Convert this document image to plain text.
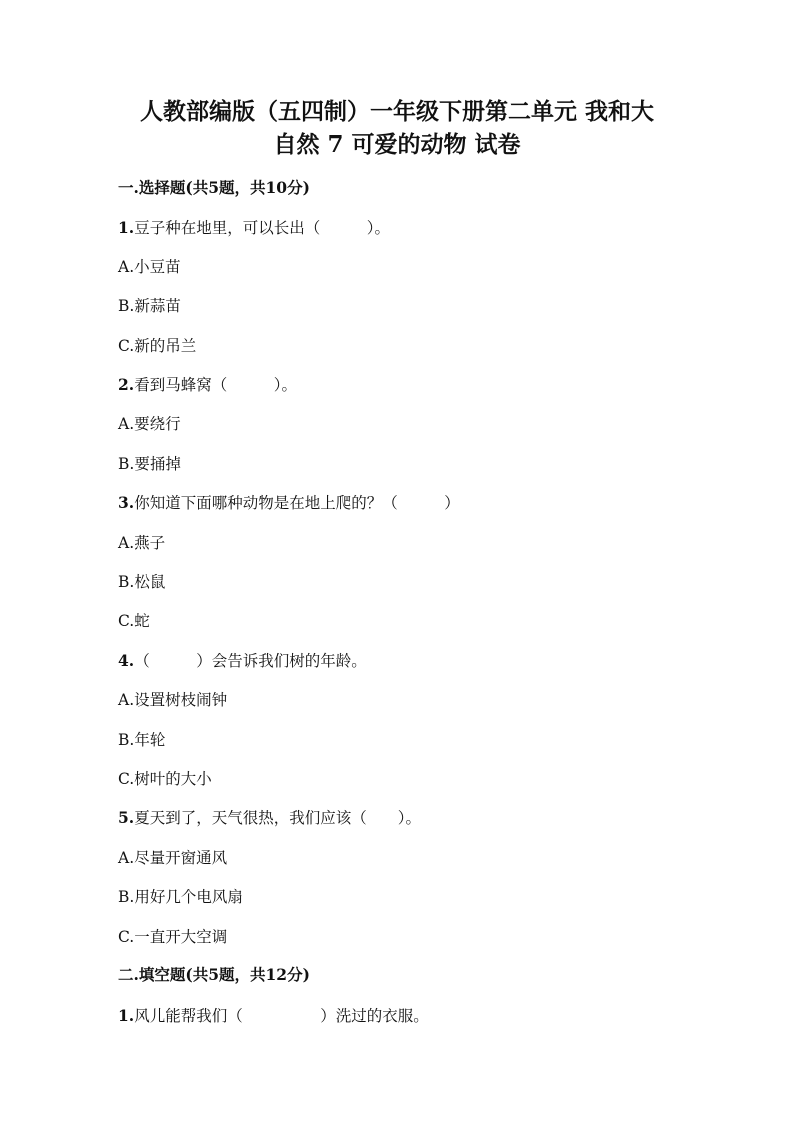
人教部编版（五四制）一年级下册第二单元 我和大
自然 7 可爱的动物 试卷
一.选择题(共5题，共10分)
1.豆子种在地里，可以长出（　　　）。
A.小豆苗
B.新蒜苗
C.新的吊兰
2.看到马蜂窝（　　　）。
A.要绕行
B.要捅掉
3.你知道下面哪种动物是在地上爬的？（　　　）
A.燕子
B.松鼠
C.蛇
4.（　　　）会告诉我们树的年龄。
A.设置树枝闹钟
B.年轮
C.树叶的大小
5.夏天到了，天气很热，我们应该（　　）。
A.尽量开窗通风
B.用好几个电风扇
C.一直开大空调
二.填空题(共5题，共12分)
1.风儿能帮我们（　　　　　）洗过的衣服。
